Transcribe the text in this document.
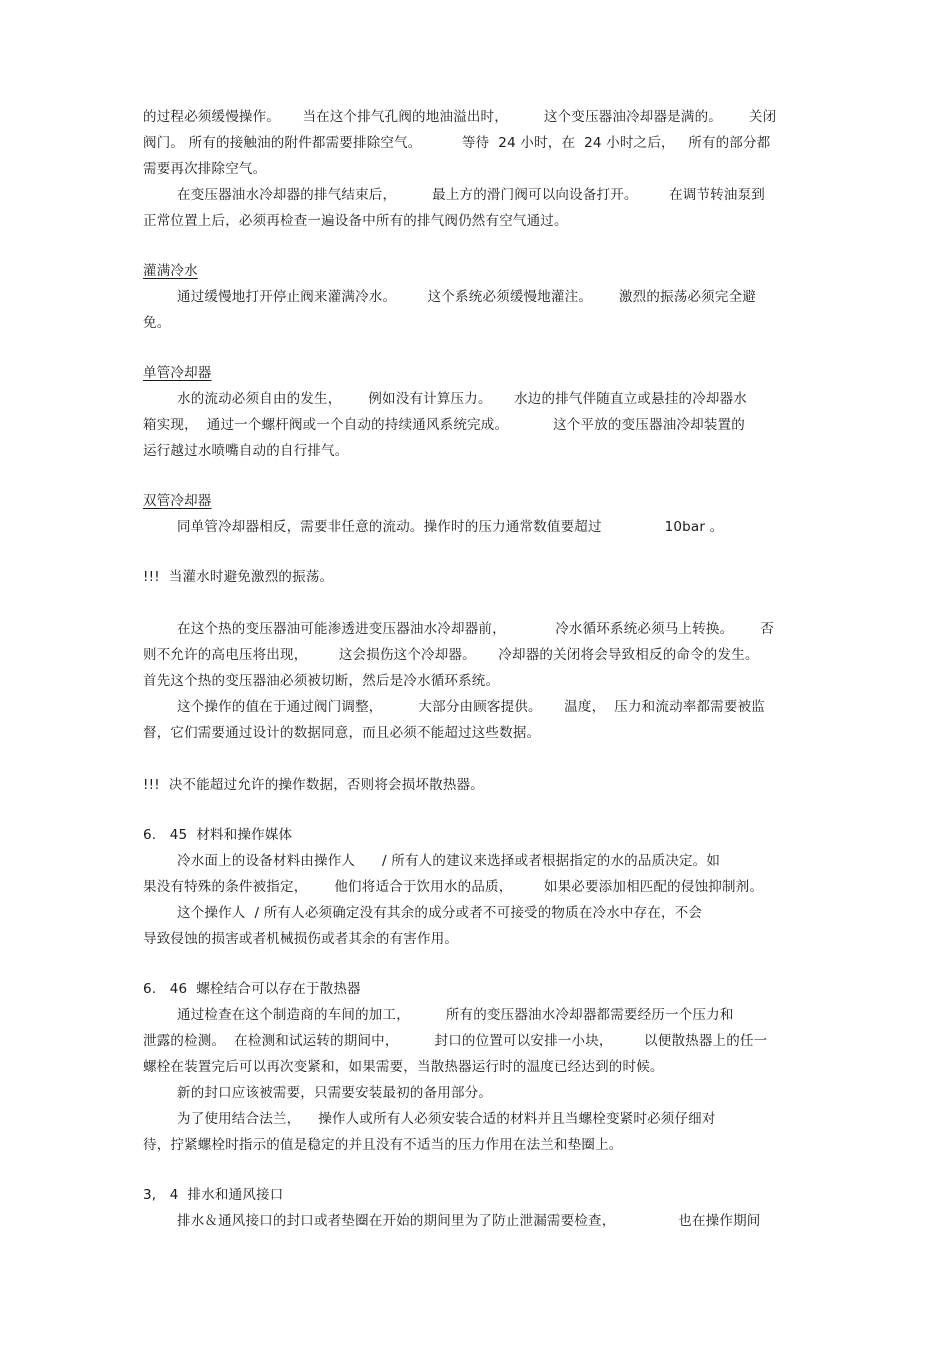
的过程必须缓慢操作。     当在这个排气孔阀的地油溢出时，        这个变压器油冷却器是满的。      关闭
阀门。 所有的接触油的附件都需要排除空气。         等待  24 小时，在  24 小时之后，   所有的部分都
需要再次排除空气。
在变压器油水冷却器的排气结束后，        最上方的滑门阀可以向设备打开。       在调节转油泵到
正常位置上后，必须再检查一遍设备中所有的排气阀仍然有空气通过。
灌满冷水
通过缓慢地打开停止阀来灌满冷水。       这个系统必须缓慢地灌注。      激烈的振荡必须完全避
免。
单管冷却器
水的流动必须自由的发生，      例如没有计算压力。     水边的排气伴随直立或悬挂的冷却器水
箱实现，  通过一个螺杆阀或一个自动的持续通风系统完成。          这个平放的变压器油冷却装置的
运行越过水喷嘴自动的自行排气。
双管冷却器
同单管冷却器相反，需要非任意的流动。操作时的压力通常数值要超过              10bar 。
!!!  当灌水时避免激烈的振荡。
在这个热的变压器油可能渗透进变压器油水冷却器前，           冷水循环系统必须马上转换。      否
则不允许的高电压将出现，       这会损伤这个冷却器。     冷却器的关闭将会导致相反的命令的发生。
首先这个热的变压器油必须被切断，然后是冷水循环系统。
这个操作的值在于通过阀门调整，        大部分由顾客提供。     温度，  压力和流动率都需要被监
督，它们需要通过设计的数据同意，而且必须不能超过这些数据。
!!!  决不能超过允许的操作数据，否则将会损坏散热器。
6.   45  材料和操作媒体
冷水面上的设备材料由操作人      / 所有人的建议来选择或者根据指定的水的品质决定。如
果没有特殊的条件被指定，      他们将适合于饮用水的品质，       如果必要添加相匹配的侵蚀抑制剂。
这个操作人  / 所有人必须确定没有其余的成分或者不可接受的物质在冷水中存在，不会
导致侵蚀的损害或者机械损伤或者其余的有害作用。
6.   46  螺栓结合可以存在于散热器
通过检查在这个制造商的车间的加工，        所有的变压器油水冷却器都需要经历一个压力和
泄露的检测。  在检测和试运转的期间中，        封口的位置可以安排一小块，       以便散热器上的任一
螺栓在装置完后可以再次变紧和，如果需要，当散热器运行时的温度已经达到的时候。
新的封口应该被需要，只需要安装最初的备用部分。
为了使用结合法兰，    操作人或所有人必须安装合适的材料并且当螺栓变紧时必须仔细对
待，拧紧螺栓时指示的值是稳定的并且没有不适当的压力作用在法兰和垫圈上。
3,   4  排水和通风接口
排水＆通风接口的封口或者垫圈在开始的期间里为了防止泄漏需要检查，              也在操作期间
